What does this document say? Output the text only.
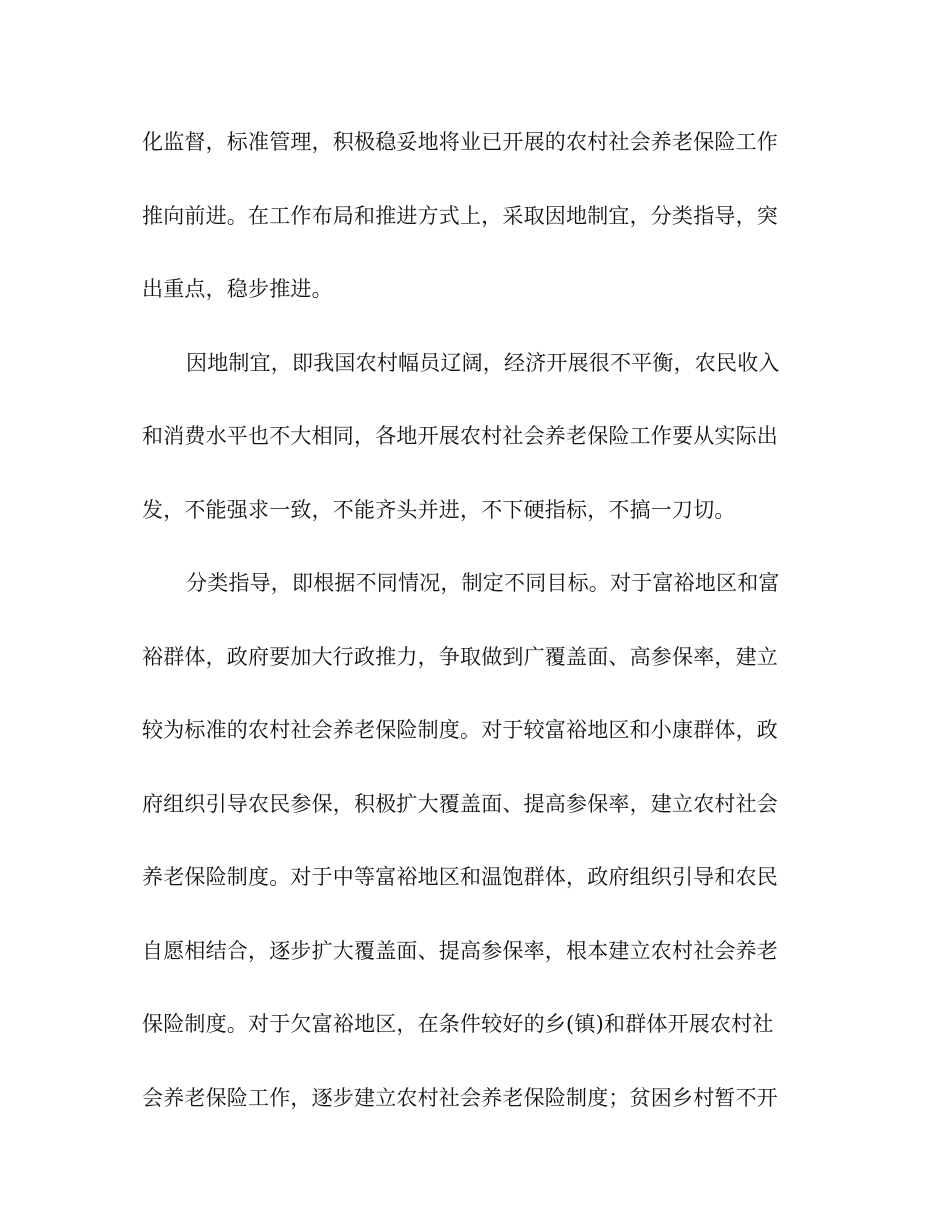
化监督，标准管理，积极稳妥地将业已开展的农村社会养老保险工作
推向前进。在工作布局和推进方式上，采取因地制宜，分类指导，突
出重点，稳步推进。
因地制宜，即我国农村幅员辽阔，经济开展很不平衡，农民收入
和消费水平也不大相同，各地开展农村社会养老保险工作要从实际出
发，不能强求一致，不能齐头并进，不下硬指标，不搞一刀切。
分类指导，即根据不同情况，制定不同目标。对于富裕地区和富
裕群体，政府要加大行政推力，争取做到广覆盖面、高参保率，建立
较为标准的农村社会养老保险制度。对于较富裕地区和小康群体，政
府组织引导农民参保，积极扩大覆盖面、提高参保率，建立农村社会
养老保险制度。对于中等富裕地区和温饱群体，政府组织引导和农民
自愿相结合，逐步扩大覆盖面、提高参保率，根本建立农村社会养老
保险制度。对于欠富裕地区，在条件较好的乡(镇)和群体开展农村社
会养老保险工作，逐步建立农村社会养老保险制度；贫困乡村暂不开
